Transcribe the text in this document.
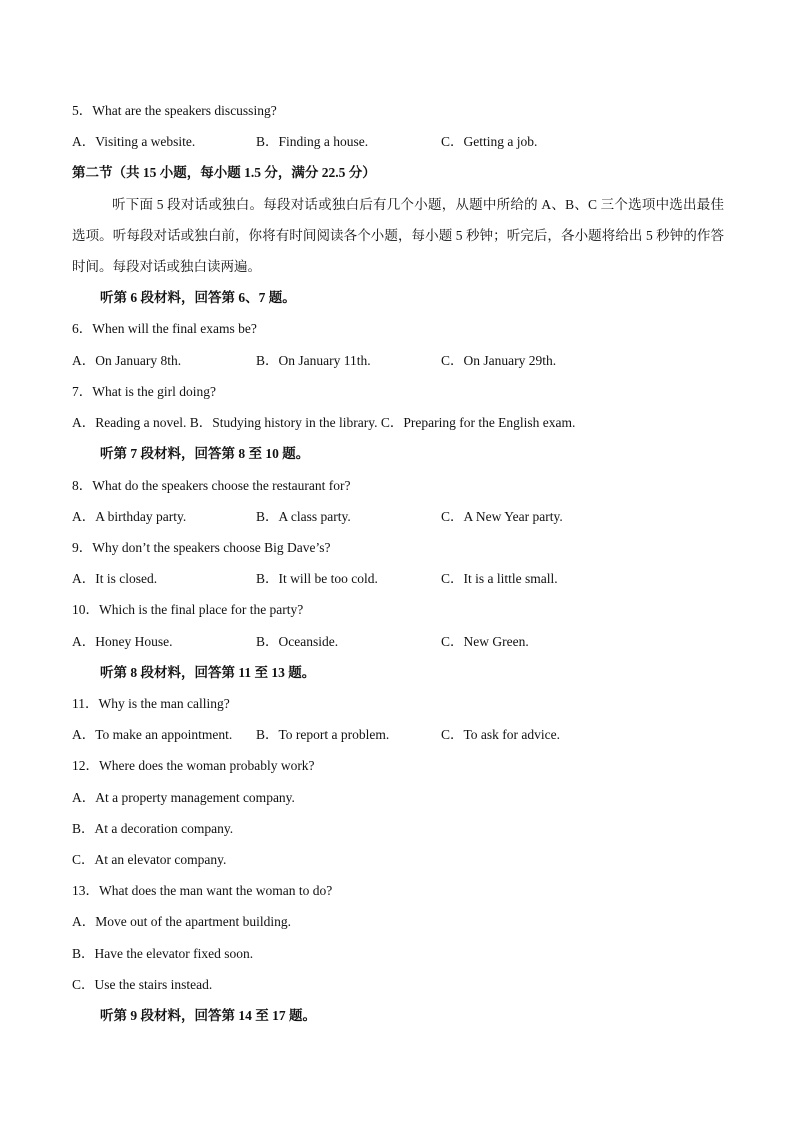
5．What are the speakers discussing?
A．Visiting a website.	B．Finding a house.	C．Getting a job.
第二节（共 15 小题，每小题 1.5 分，满分 22.5 分）
听下面 5 段对话或独白。每段对话或独白后有几个小题，从题中所给的 A、B、C 三个选项中选出最佳选项。听每段对话或独白前，你将有时间阅读各个小题，每小题 5 秒钟；听完后，各小题将给出 5 秒钟的作答时间。每段对话或独白读两遍。
听第 6 段材料，回答第 6、7 题。
6．When will the final exams be?
A．On January 8th.	B．On January 11th.	C．On January 29th.
7．What is the girl doing?
A．Reading a novel. B．Studying history in the library. C．Preparing for the English exam.
听第 7 段材料，回答第 8 至 10 题。
8．What do the speakers choose the restaurant for?
A．A birthday party.	B．A class party.	C．A New Year party.
9．Why don’t the speakers choose Big Dave’s?
A．It is closed.	B．It will be too cold.	C．It is a little small.
10．Which is the final place for the party?
A．Honey House.	B．Oceanside.	C．New Green.
听第 8 段材料，回答第 11 至 13 题。
11．Why is the man calling?
A．To make an appointment. B．To report a problem.	C．To ask for advice.
12．Where does the woman probably work?
A．At a property management company.
B．At a decoration company.
C．At an elevator company.
13．What does the man want the woman to do?
A．Move out of the apartment building.
B．Have the elevator fixed soon.
C．Use the stairs instead.
听第 9 段材料，回答第 14 至 17 题。
